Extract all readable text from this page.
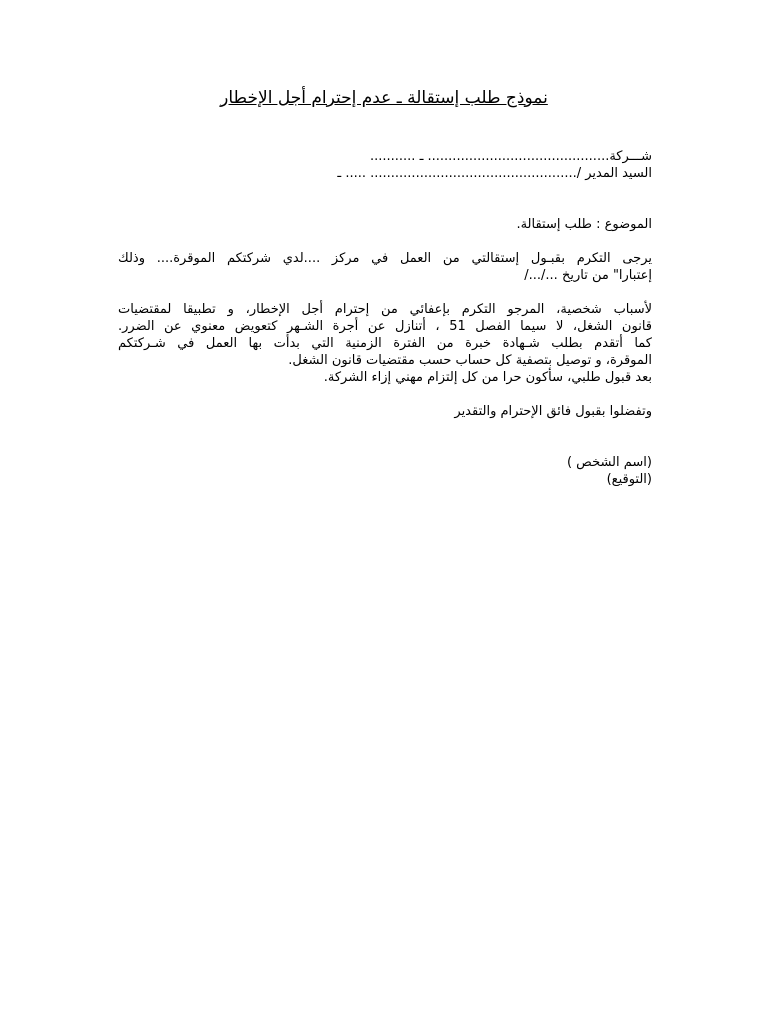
نموذج طلب إستقالة ـ عدم إحترام أجل الإخطار
شـــركة............................................ ـ ...........
السيد المدير /.................................................. ..... ـ
الموضوع : طلب إستقالة.
يرجى التكرم بقبـول إستقالتي من العمل في مركز ....لدي شركتكم الموقرة.... وذلك
إعتبارا" من تاريخ .../.../
لأسباب شخصية، المرجو التكرم بإعفائي من إحترام أجل الإخطار، و تطبيقا لمقتضيات
قانون الشغل، لا سيما الفصل 51 ، أتنازل عن أجرة الشـهر كتعويض معنوي عن الضرر.
كما أتقدم بطلب شـهادة خبرة من الفترة الزمنية التي بدأت بها العمل في شـركتكم
الموقرة، و توصيل بتصفية كل حساب حسب مقتضيات قانون الشغل.
بعد قبول طلبي، سأكون حرا من كل إلتزام مهني إزاء الشركة.
وتفضلوا بقبول فائق الإحترام والتقدير
(اسم الشخص )
(التوقيع)
